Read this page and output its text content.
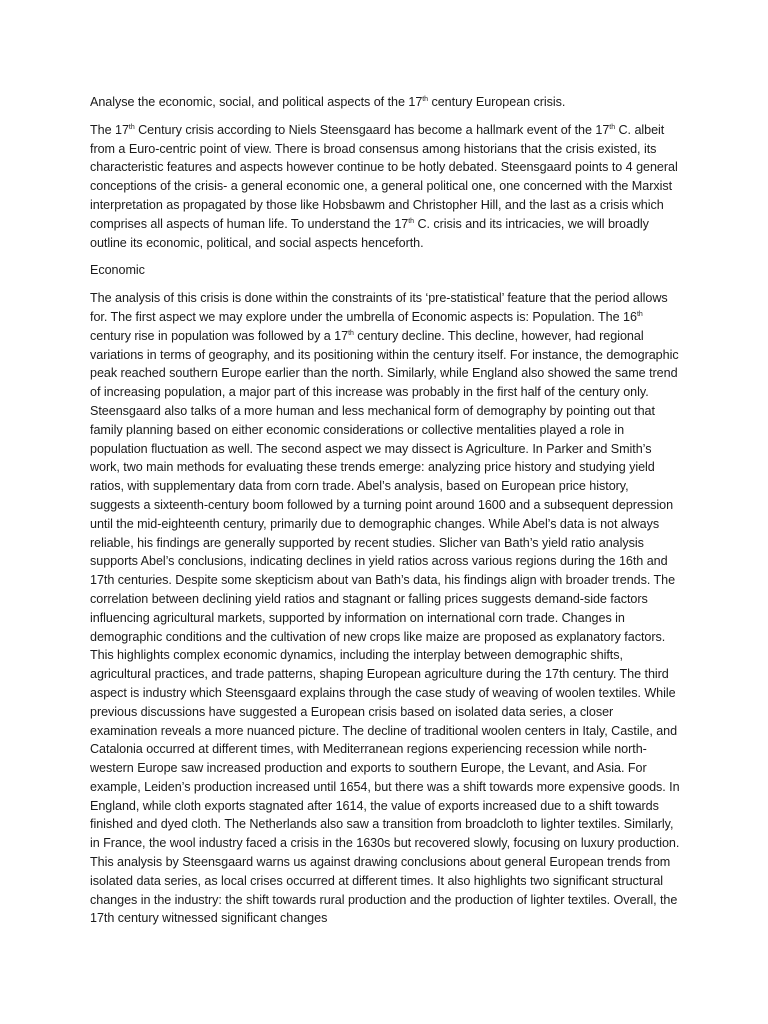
Analyse the economic, social, and political aspects of the 17th century European crisis.

The 17th Century crisis according to Niels Steensgaard has become a hallmark event of the 17th C. albeit from a Euro-centric point of view. There is broad consensus among historians that the crisis existed, its characteristic features and aspects however continue to be hotly debated. Steensgaard points to 4 general conceptions of the crisis- a general economic one, a general political one, one concerned with the Marxist interpretation as propagated by those like Hobsbawm and Christopher Hill, and the last as a crisis which comprises all aspects of human life. To understand the 17th C. crisis and its intricacies, we will broadly outline its economic, political, and social aspects henceforth.

Economic

The analysis of this crisis is done within the constraints of its ‘pre-statistical’ feature that the period allows for. The first aspect we may explore under the umbrella of Economic aspects is: Population. The 16th century rise in population was followed by a 17th century decline. This decline, however, had regional variations in terms of geography, and its positioning within the century itself. For instance, the demographic peak reached southern Europe earlier than the north. Similarly, while England also showed the same trend of increasing population, a major part of this increase was probably in the first half of the century only. Steensgaard also talks of a more human and less mechanical form of demography by pointing out that family planning based on either economic considerations or collective mentalities played a role in population fluctuation as well. The second aspect we may dissect is Agriculture. In Parker and Smith’s work, two main methods for evaluating these trends emerge: analyzing price history and studying yield ratios, with supplementary data from corn trade. Abel’s analysis, based on European price history, suggests a sixteenth-century boom followed by a turning point around 1600 and a subsequent depression until the mid-eighteenth century, primarily due to demographic changes. While Abel’s data is not always reliable, his findings are generally supported by recent studies. Slicher van Bath’s yield ratio analysis supports Abel’s conclusions, indicating declines in yield ratios across various regions during the 16th and 17th centuries. Despite some skepticism about van Bath’s data, his findings align with broader trends. The correlation between declining yield ratios and stagnant or falling prices suggests demand-side factors influencing agricultural markets, supported by information on international corn trade. Changes in demographic conditions and the cultivation of new crops like maize are proposed as explanatory factors. This highlights complex economic dynamics, including the interplay between demographic shifts, agricultural practices, and trade patterns, shaping European agriculture during the 17th century. The third aspect is industry which Steensgaard explains through the case study of weaving of woolen textiles. While previous discussions have suggested a European crisis based on isolated data series, a closer examination reveals a more nuanced picture. The decline of traditional woolen centers in Italy, Castile, and Catalonia occurred at different times, with Mediterranean regions experiencing recession while north-western Europe saw increased production and exports to southern Europe, the Levant, and Asia. For example, Leiden’s production increased until 1654, but there was a shift towards more expensive goods. In England, while cloth exports stagnated after 1614, the value of exports increased due to a shift towards finished and dyed cloth. The Netherlands also saw a transition from broadcloth to lighter textiles. Similarly, in France, the wool industry faced a crisis in the 1630s but recovered slowly, focusing on luxury production. This analysis by Steensgaard warns us against drawing conclusions about general European trends from isolated data series, as local crises occurred at different times. It also highlights two significant structural changes in the industry: the shift towards rural production and the production of lighter textiles. Overall, the 17th century witnessed significant changes
